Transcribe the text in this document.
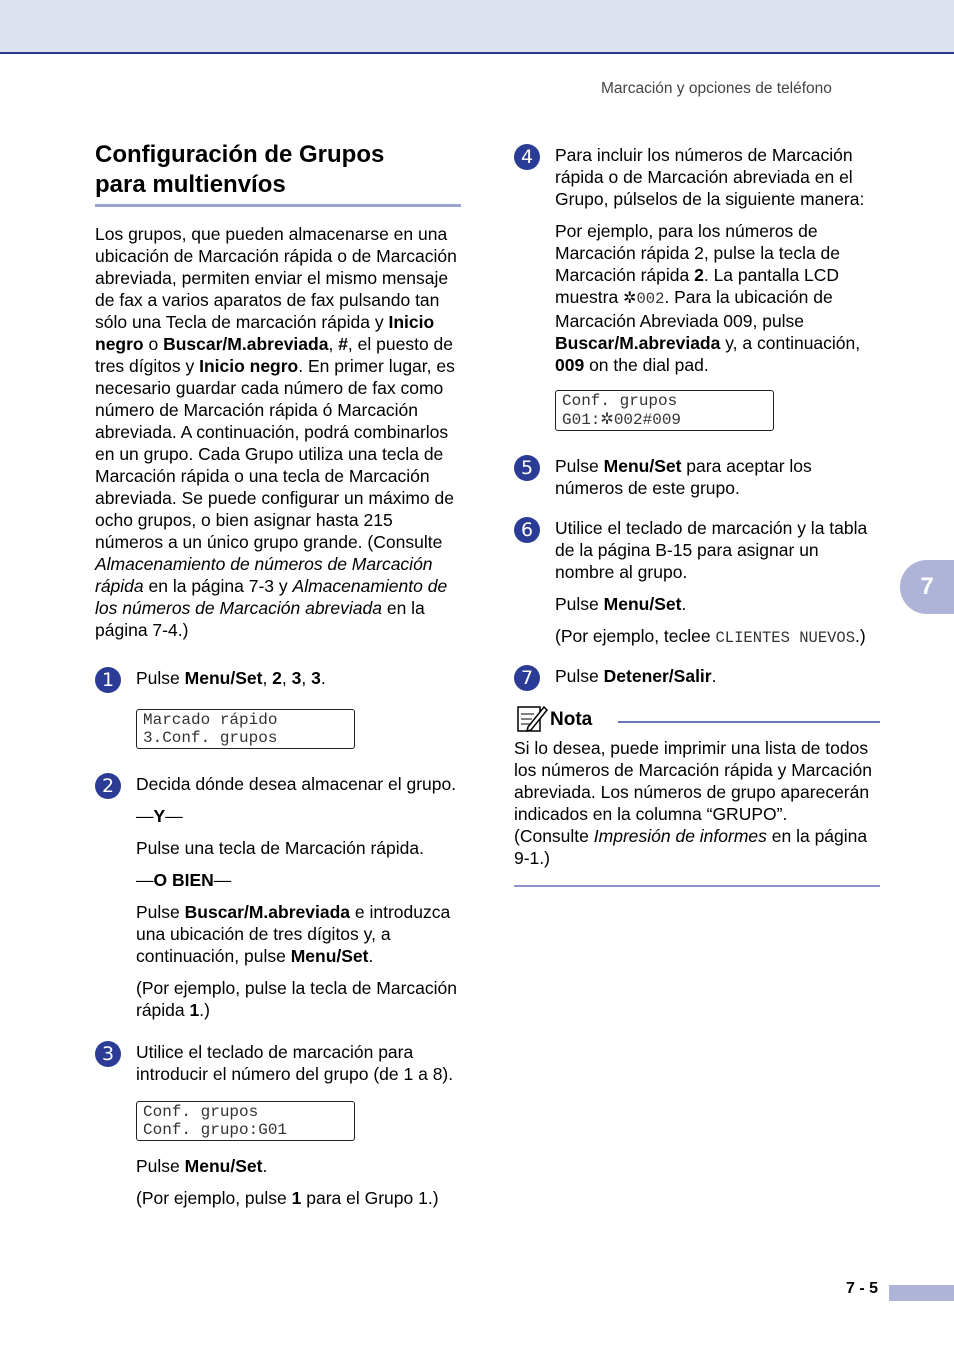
Marcación y opciones de teléfono
7
Configuración de Grupos
para multienvíos

Los grupos, que pueden almacenarse en una ubicación de Marcación rápida o de Marcación abreviada, permiten enviar el mismo mensaje de fax a varios aparatos de fax pulsando tan sólo una Tecla de marcación rápida y Inicio negro o Buscar/M.abreviada, #, el puesto de tres dígitos y Inicio negro. En primer lugar, es necesario guardar cada número de fax como número de Marcación rápida ó Marcación abreviada. A continuación, podrá combinarlos en un grupo. Cada Grupo utiliza una tecla de Marcación rápida o una tecla de Marcación abreviada. Se puede configurar un máximo de ocho grupos, o bien asignar hasta 215 números a un único grupo grande. (Consulte Almacenamiento de números de Marcación rápida en la página 7-3 y Almacenamiento de los números de Marcación abreviada en la página 7-4.)

1	Pulse Menu/Set, 2, 3, 3.

Marcado rápido
3.Conf. grupos
2	Decida dónde desea almacenar el grupo.

—Y—

Pulse una tecla de Marcación rápida.

—O BIEN—

Pulse Buscar/M.abreviada e introduzca una ubicación de tres dígitos y, a continuación, pulse Menu/Set.

(Por ejemplo, pulse la tecla de Marcación rápida 1.)

3	Utilice el teclado de marcación para introducir el número del grupo (de 1 a 8).

Conf. grupos
Conf. grupo:G01

Pulse Menu/Set.

(Por ejemplo, pulse 1 para el Grupo 1.)

4	Para incluir los números de Marcación rápida o de Marcación abreviada en el Grupo, púlselos de la siguiente manera:

Por ejemplo, para los números de Marcación rápida 2, pulse la tecla de Marcación rápida 2. La pantalla LCD muestra ✲002. Para la ubicación de Marcación Abreviada 009, pulse Buscar/M.abreviada y, a continuación, 009 on the dial pad.

Conf. grupos
G01:✲002#009
5	Pulse Menu/Set para aceptar los números de este grupo.

6	Utilice el teclado de marcación y la tabla de la página B-15 para asignar un nombre al grupo.

Pulse Menu/Set.

(Por ejemplo, teclee CLIENTES NUEVOS.)

7	Pulse Detener/Salir.

Nota

Si lo desea, puede imprimir una lista de todos los números de Marcación rápida y Marcación abreviada. Los números de grupo aparecerán indicados en la columna “GRUPO”.

(Consulte Impresión de informes en la página 9-1.)

7 - 5
